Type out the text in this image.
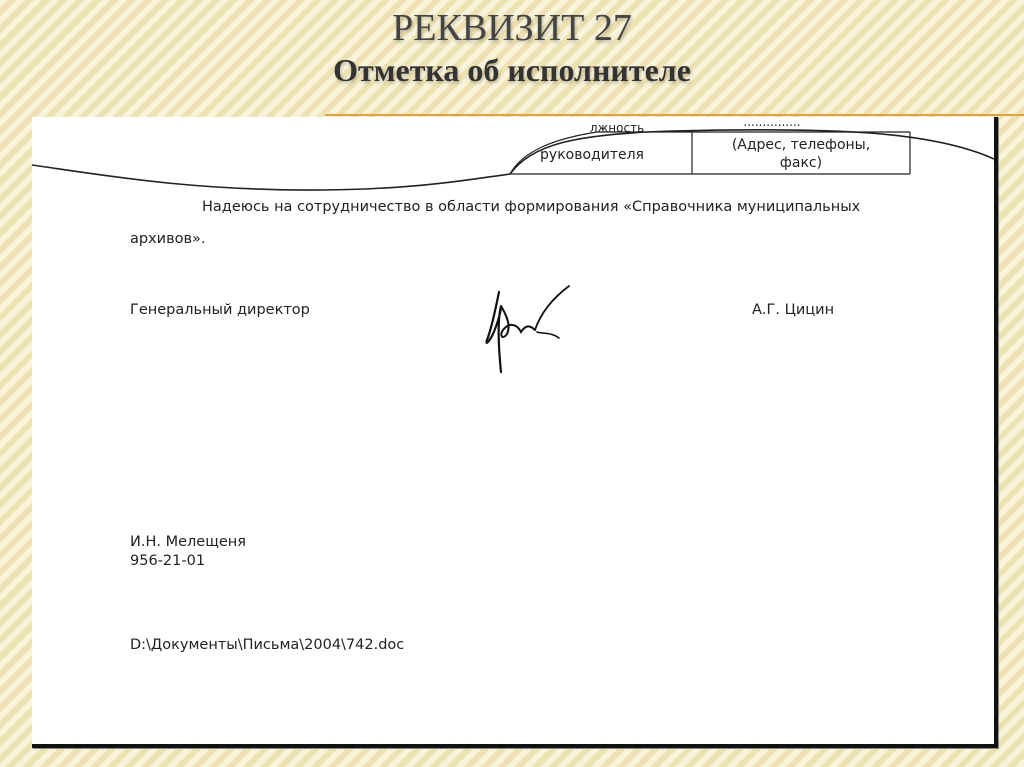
РЕКВИЗИТ 27
Отметка об исполнителе
лжность
руководителя
...............
(Адрес, телефоны,
факс)
Надеюсь на сотрудничество в области формирования «Справочника муниципальных
архивов».
Генеральный директор	А.Г. Цицин
И.Н. Мелещеня
956-21-01
D:\Документы\Письма\2004\742.doc
